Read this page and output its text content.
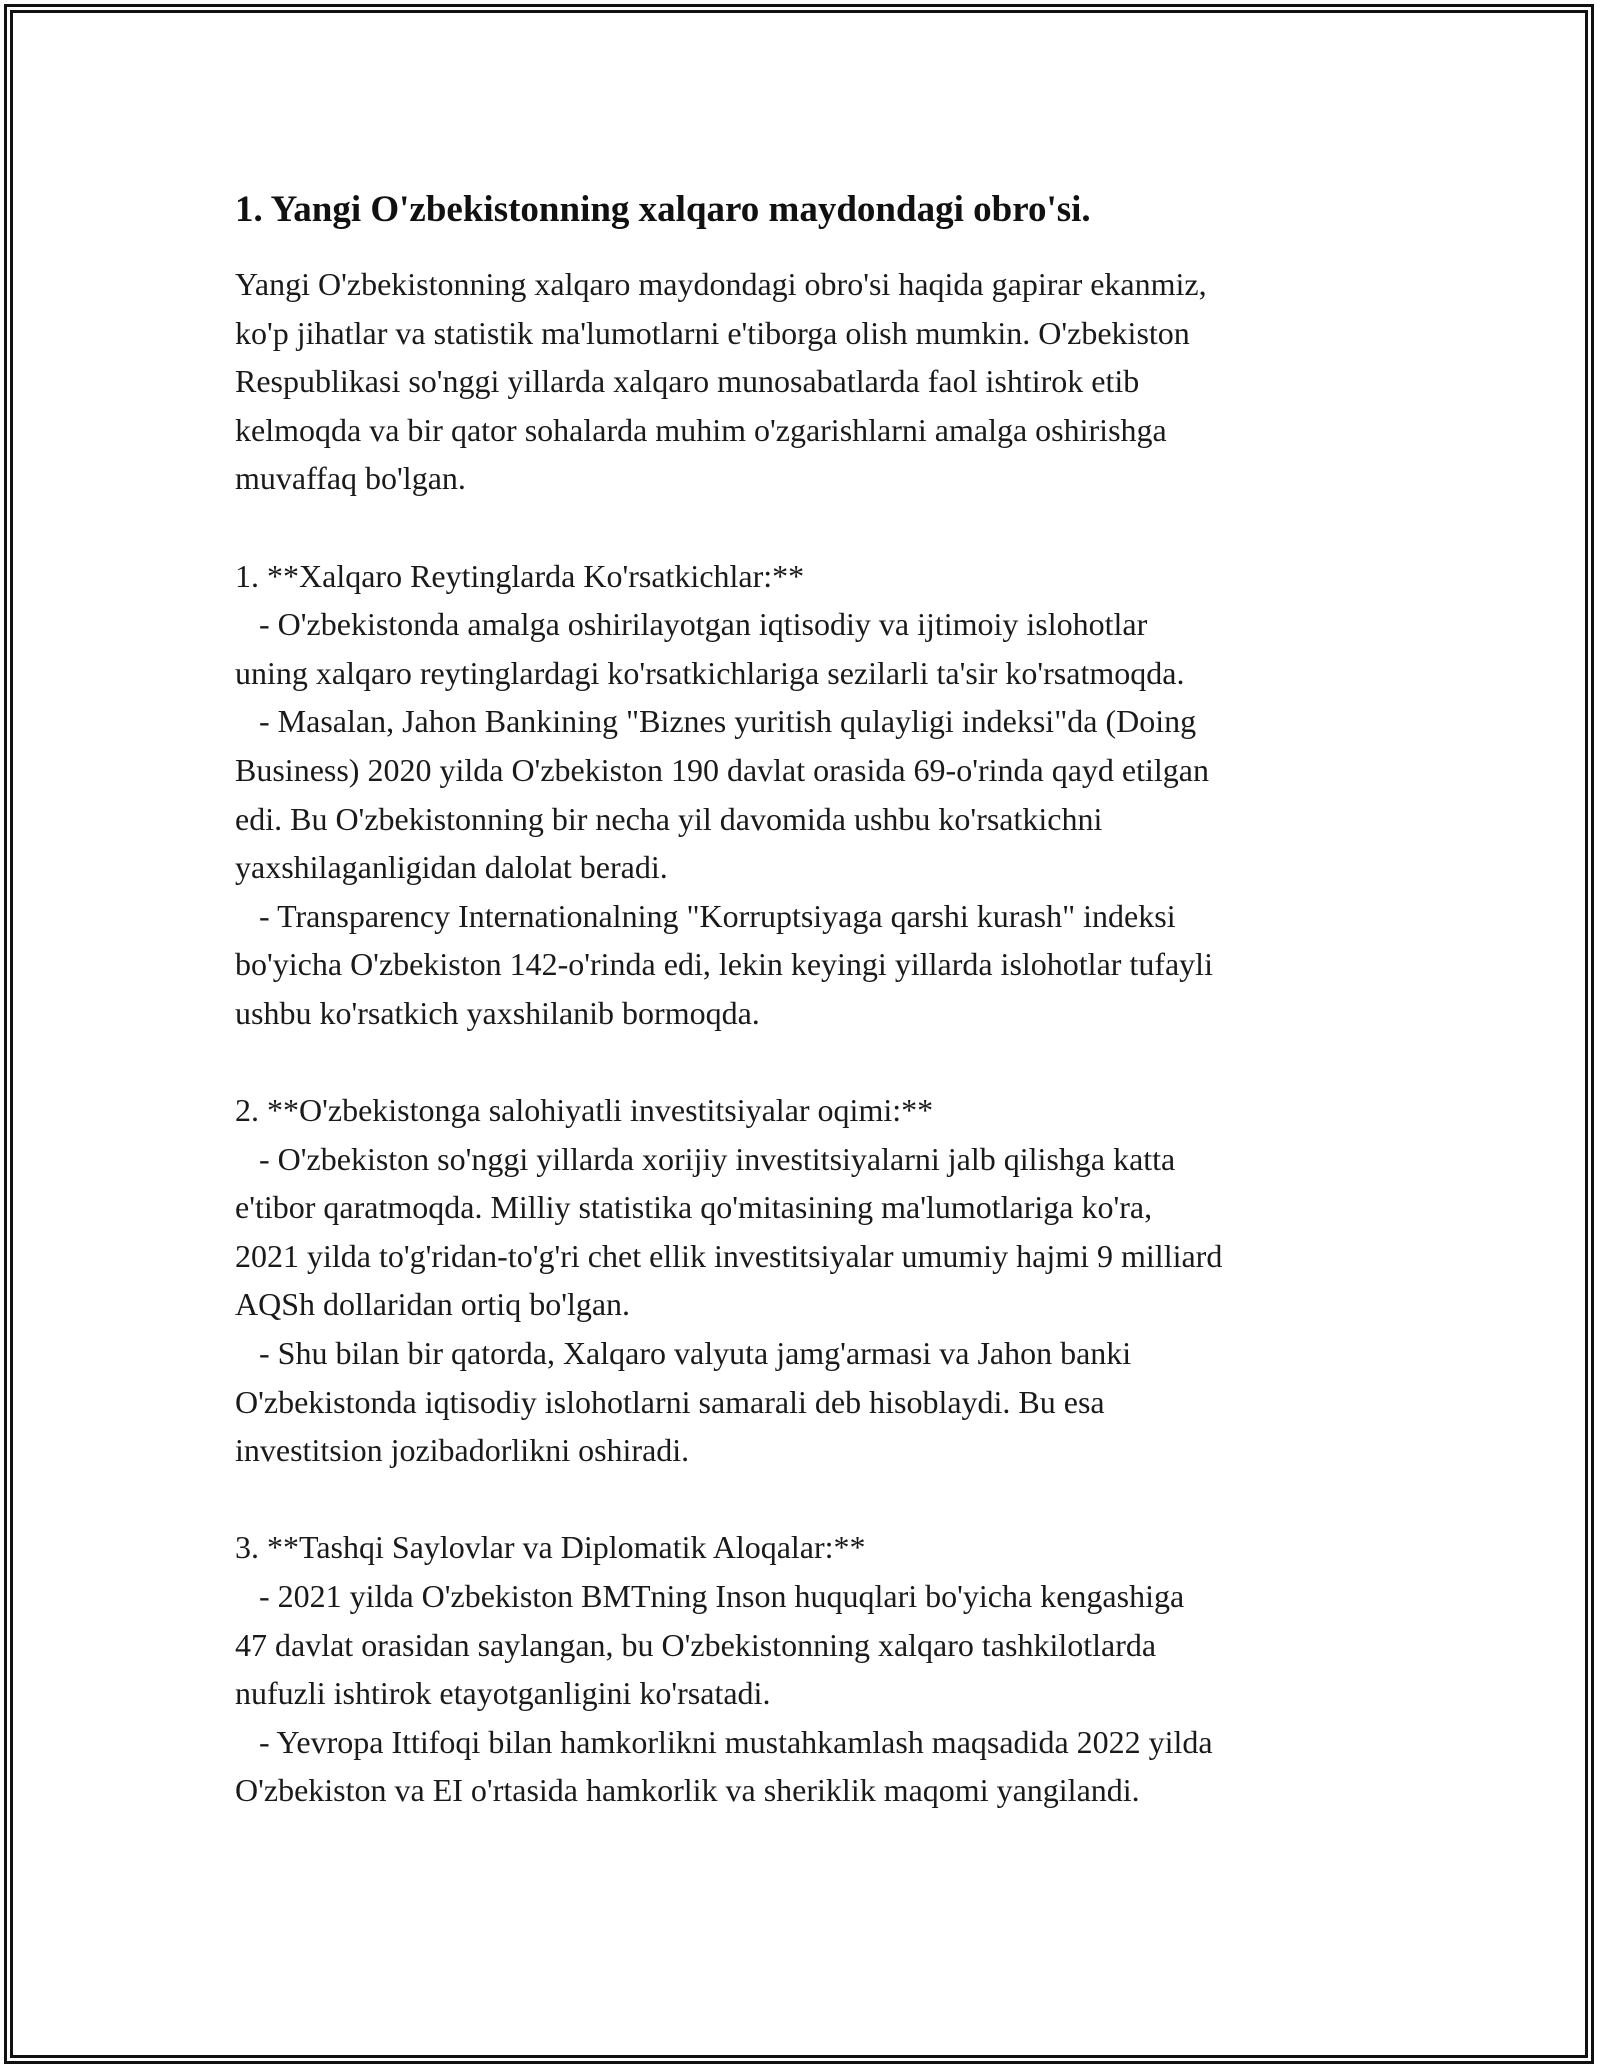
1. Yangi O'zbekistonning xalqaro maydondagi obro'si.
Yangi O'zbekistonning xalqaro maydondagi obro'si haqida gapirar ekanmiz,
ko'p jihatlar va statistik ma'lumotlarni e'tiborga olish mumkin. O'zbekiston
Respublikasi so'nggi yillarda xalqaro munosabatlarda faol ishtirok etib
kelmoqda va bir qator sohalarda muhim o'zgarishlarni amalga oshirishga
muvaffaq bo'lgan.
1. **Xalqaro Reytinglarda Ko'rsatkichlar:**
- O'zbekistonda amalga oshirilayotgan iqtisodiy va ijtimoiy islohotlar
uning xalqaro reytinglardagi ko'rsatkichlariga sezilarli ta'sir ko'rsatmoqda.
- Masalan, Jahon Bankining "Biznes yuritish qulayligi indeksi"da (Doing
Business) 2020 yilda O'zbekiston 190 davlat orasida 69-o'rinda qayd etilgan
edi. Bu O'zbekistonning bir necha yil davomida ushbu ko'rsatkichni
yaxshilaganligidan dalolat beradi.
- Transparency Internationalning "Korruptsiyaga qarshi kurash" indeksi
bo'yicha O'zbekiston 142-o'rinda edi, lekin keyingi yillarda islohotlar tufayli
ushbu ko'rsatkich yaxshilanib bormoqda.
2. **O'zbekistonga salohiyatli investitsiyalar oqimi:**
- O'zbekiston so'nggi yillarda xorijiy investitsiyalarni jalb qilishga katta
e'tibor qaratmoqda. Milliy statistika qo'mitasining ma'lumotlariga ko'ra,
2021 yilda to'g'ridan-to'g'ri chet ellik investitsiyalar umumiy hajmi 9 milliard
AQSh dollaridan ortiq bo'lgan.
- Shu bilan bir qatorda, Xalqaro valyuta jamg'armasi va Jahon banki
O'zbekistonda iqtisodiy islohotlarni samarali deb hisoblaydi. Bu esa
investitsion jozibadorlikni oshiradi.
3. **Tashqi Saylovlar va Diplomatik Aloqalar:**
- 2021 yilda O'zbekiston BMTning Inson huquqlari bo'yicha kengashiga
47 davlat orasidan saylangan, bu O'zbekistonning xalqaro tashkilotlarda
nufuzli ishtirok etayotganligini ko'rsatadi.
- Yevropa Ittifoqi bilan hamkorlikni mustahkamlash maqsadida 2022 yilda
O'zbekiston va EI o'rtasida hamkorlik va sheriklik maqomi yangilandi.
